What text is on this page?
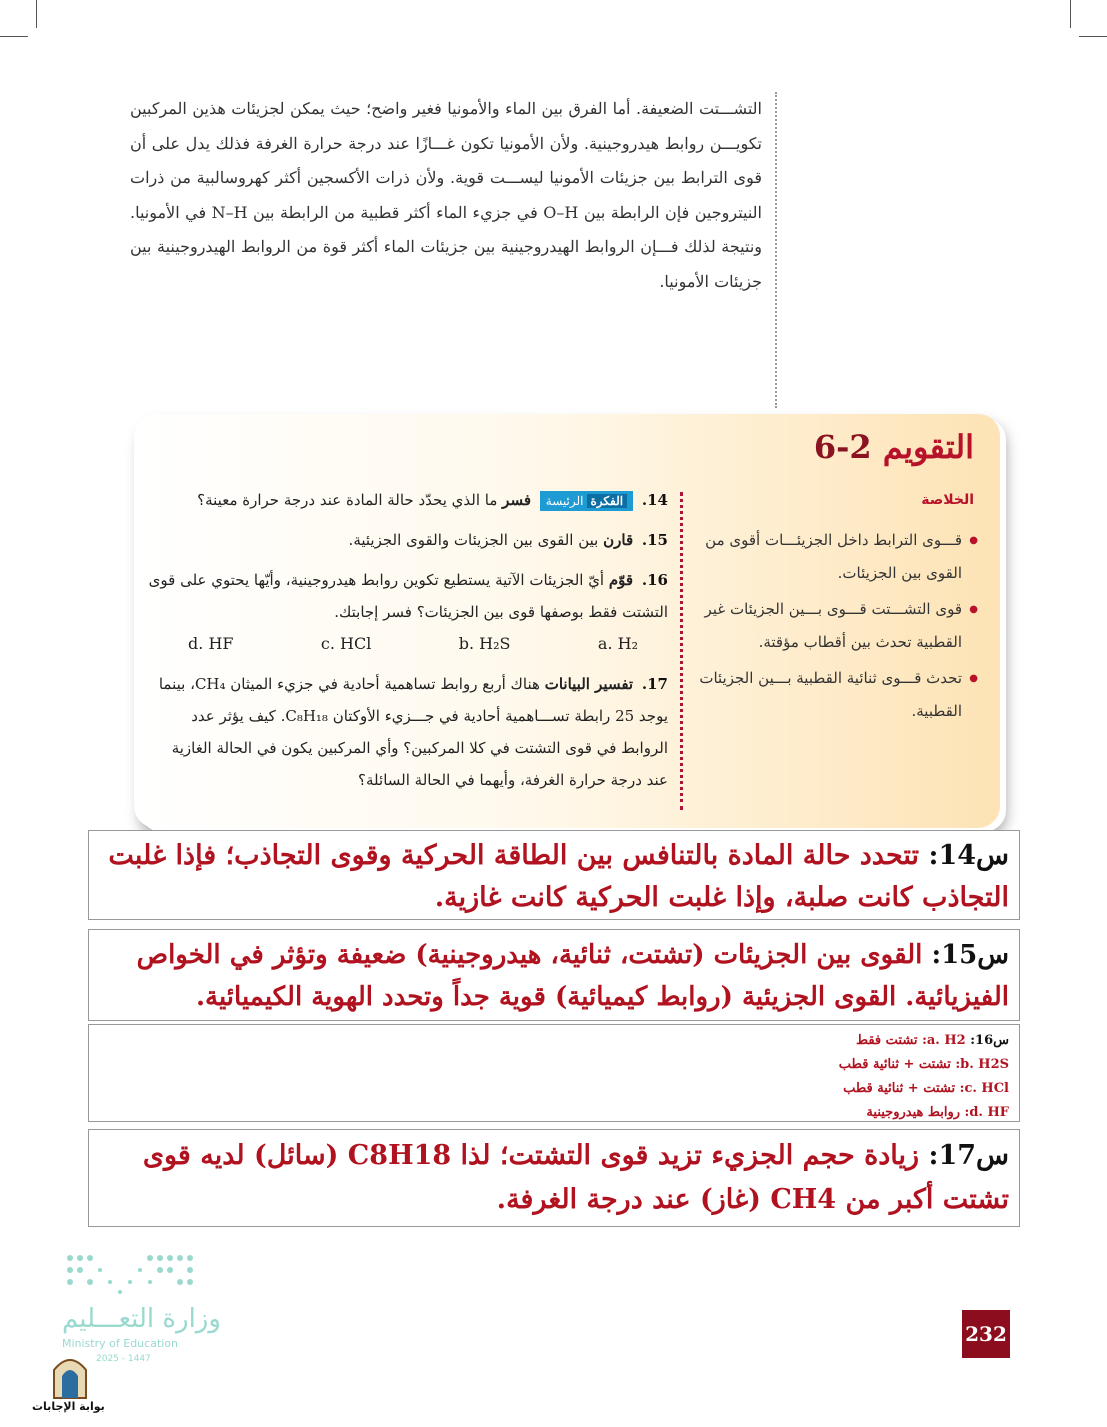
التشـــتت الضعيفة. أما الفرق بين الماء والأمونيا فغير واضح؛ حيث يمكن لجزيئات هذين المركبين تكويـــن روابط هيدروجينية. ولأن الأمونيا تكون غـــازًا عند درجة حرارة الغرفة فذلك يدل على أن قوى الترابط بين جزيئات الأمونيا ليســـت قوية. ولأن ذرات الأكسجين أكثر كهروسالبية من ذرات النيتروجين فإن الرابطة بين O–H في جزيء الماء أكثر قطبية من الرابطة بين N–H في الأمونيا. ونتيجة لذلك فـــإن الروابط الهيدروجينية بين جزيئات الماء أكثر قوة من الروابط الهيدروجينية بين جزيئات الأمونيا.
التقويم 2-6
الخلاصة
● قـــوى الترابط داخل الجزيئـــات أقوى من القوى بين الجزيئات.
● قوى التشـــتت قـــوى بـــين الجزيئات غير القطبية تحدث بين أقطاب مؤقتة.
● تحدث قـــوى ثنائية القطبية بـــين الجزيئات القطبية.
14. الفكرةالرئيسة فسر ما الذي يحدّد حالة المادة عند درجة حرارة معينة؟
15. قارن بين القوى بين الجزيئات والقوى الجزيئية.
16. قوّم أيّ الجزيئات الآتية يستطيع تكوين روابط هيدروجينية، وأيّها يحتوي على قوى التشتت فقط بوصفها قوى بين الجزيئات؟ فسر إجابتك.
a. H₂
b. H₂S
c. HCl
d. HF
17. تفسير البيانات هناك أربع روابط تساهمية أحادية في جزيء الميثان CH₄، بينما يوجد 25 رابطة تســـاهمية أحادية في جـــزيء الأوكتان C₈H₁₈. كيف يؤثر عدد الروابط في قوى التشتت في كلا المركبين؟ وأي المركبين يكون في الحالة الغازية عند درجة حرارة الغرفة، وأيهما في الحالة السائلة؟
س14: تتحدد حالة المادة بالتنافس بين الطاقة الحركية وقوى التجاذب؛ فإذا غلبت التجاذب كانت صلبة، وإذا غلبت الحركية كانت غازية.
س15: القوى بين الجزيئات (تشتت، ثنائية، هيدروجينية) ضعيفة وتؤثر في الخواص الفيزيائية. القوى الجزيئية (روابط كيميائية) قوية جداً وتحدد الهوية الكيميائية.
س16: a. H2: تشتت فقط
b. H2S: تشتت + ثنائية قطب
c. HCl: تشتت + ثنائية قطب
d. HF: روابط هيدروجينية
س17: زيادة حجم الجزيء تزيد قوى التشتت؛ لذا C8H18 (سائل) لديه قوى تشتت أكبر من CH4 (غاز) عند درجة الغرفة.
وزارة التعـــليم
Ministry of Education
2025 - 1447
بوابة الإجابات
232
